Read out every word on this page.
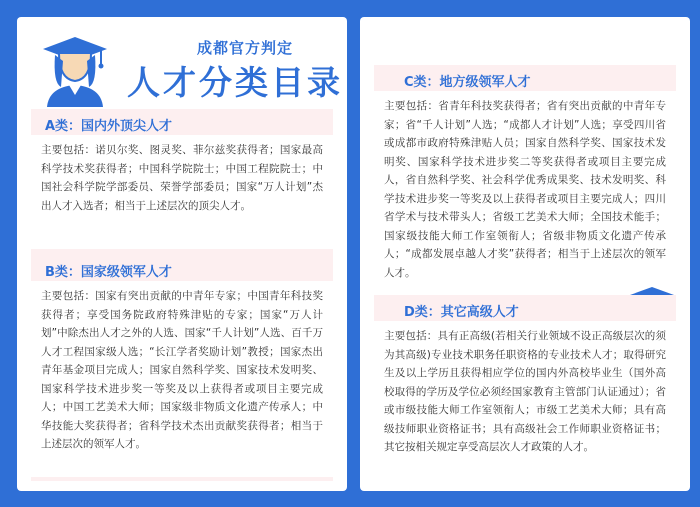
成都官方判定
人才分类目录
A类：国内外顶尖人才
主要包括：诺贝尔奖、图灵奖、菲尔兹奖获得者；国家最高科学技术奖获得者；中国科学院院士；中国工程院院士；中国社会科学院学部委员、荣誉学部委员；国家“万人计划”杰出人才入选者；相当于上述层次的顶尖人才。
B类：国家级领军人才
主要包括：国家有突出贡献的中青年专家；中国青年科技奖获得者；享受国务院政府特殊津贴的专家；国家“万人计划”中除杰出人才之外的人选、国家“千人计划”人选、百千万人才工程国家级人选；“长江学者奖励计划”教授；国家杰出青年基金项目完成人；国家自然科学奖、国家技术发明奖、国家科学技术进步奖一等奖及以上获得者或项目主要完成人；中国工艺美术大师；国家级非物质文化遗产传承人；中华技能大奖获得者；省科学技术杰出贡献奖获得者；相当于上述层次的领军人才。
C类：地方级领军人才
主要包括：省青年科技奖获得者；省有突出贡献的中青年专家；省“千人计划”人选；“成都人才计划”人选；享受四川省或成都市政府特殊津贴人员；国家自然科学奖、国家技术发明奖、国家科学技术进步奖二等奖获得者或项目主要完成人，省自然科学奖、社会科学优秀成果奖、技术发明奖、科学技术进步奖一等奖及以上获得者或项目主要完成人；四川省学术与技术带头人；省级工艺美术大师；全国技术能手；国家级技能大师工作室领衔人；省级非物质文化遗产传承人；“成都发展卓越人才奖”获得者；相当于上述层次的领军人才。
D类：其它高级人才
主要包括：具有正高级(若相关行业领域不设正高级层次的须为其高级)专业技术职务任职资格的专业技术人才；取得研究生及以上学历且获得相应学位的国内外高校毕业生（国外高校取得的学历及学位必须经国家教育主管部门认证通过）；省或市级技能大师工作室领衔人；市级工艺美术大师；具有高级技师职业资格证书；具有高级社会工作师职业资格证书；其它按相关规定享受高层次人才政策的人才。
